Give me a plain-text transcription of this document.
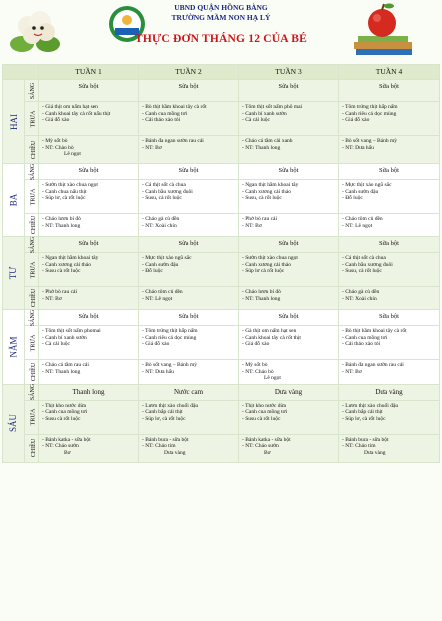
UBND QUẬN HỒNG BÀNG
TRƯỜNG MẦM NON HẠ LÝ
THỰC ĐƠN THÁNG 12 CỦA BÉ
		TUẦN 1	TUẦN 2	TUẦN 3	TUẦN 4
HAI	SÁNG	Sữa bột	Sữa bột	Sữa bột	Sữa bột
	TRƯA	- Giá thịt om nấm hạt sen
- Canh khoai tây cà rốt nấu thịt
- Giá đỗ xào	- Bò thịt hầm khoai tây cà rốt
- Canh cua mồng tơi
- Cải thảo xào tỏi	- Tôm thịt sốt nấm phô mai
- Canh bí xanh sườn
- Cà cải luộc	- Tôm trứng thịt hấp nấm
- Canh riêu cá dọc mùng
- Giá đỗ xào

	CHIỀU	- Mỳ sốt bò
- NT: Chào bò
Lê ngọt	- Bánh đa ngan sườn rau cải
- NT: Bơ	- Cháo cá tầm cải xanh
- NT: Thanh long	- Bò sốt vang – Bánh mỳ
- NT: Dưa hấu

BA	SÁNG	Sữa bột	Sữa bột	Sữa bột	Sữa bột
	TRƯA	- Sườn thịt xào chua ngọt
- Canh chua nấu thịt
- Súp lơ, cà rốt luộc	- Cá thịt sốt cà chua
- Canh bầu xương đuôi
- Susu, cà rốt luộc	- Ngan thịt hầm khoai tây
- Canh xương cải thảo
- Susu, cà rốt luộc	- Mực thịt xào ngũ sắc
- Canh sườn đậu
- Đỗ luộc

	CHIỀU	- Cháo lươn bí đỏ
- NT: Thanh long	- Cháo gà củ dền
- NT: Xoài chín	- Phở bò rau cải
- NT: Bơ	- Cháo tôm củ dền
- NT: Lê ngọt

TƯ	SÁNG	Sữa bột	Sữa bột	Sữa bột	Sữa bột
	TRƯA	- Ngan thịt hầm khoai tây
- Canh xương cải thảo
- Susu cà rốt luộc	- Mực thịt xào ngũ sắc
- Canh sườn đậu
- Đỗ luộc	- Sườn thịt xào chua ngọt
- Canh xương cải thảo
- Súp lơ cà rốt luộc	- Cá thịt sốt cà chua
- Canh bầu xương đuôi
- Susu, cà rốt luộc

	CHIỀU	- Phở bò rau cải
- NT: Bơ	- Cháo tôm củ dền
- NT: Lê ngọt	- Cháo lươn bí đỏ
- NT: Thanh long	- Cháo gà củ dền
- NT: Xoài chín

NĂM	SÁNG	Sữa bột	Sữa bột	Sữa bột	Sữa bột
	TRƯA	- Tôm thịt sốt nấm phomai
- Canh bí xanh sườn
- Cà cải luộc	- Tôm trứng thịt hấp nấm
- Canh riêu cá dọc mùng
- Giá đỗ xào	- Gà thịt om nấm hạt sen
- Canh khoai tây cà rốt thịt
- Giá đỗ xào	- Bò thịt hầm khoai tây cà rốt
- Canh cua mồng tơi
- Cải thảo xào tỏi

	CHIỀU	- Cháo cá tầm rau cải
- NT: Thanh long	- Bò sốt vang – Bánh mỳ
- NT: Dưa hấu	- Mỳ sốt bò
- NT: Cháo bò
Lê ngọt	- Bánh đa ngan sườn rau cải
- NT: Bơ

SÁU	SÁNG	Thanh long	Nước cam	Dưa vàng	Dưa vàng
	TRƯA	- Thịt kho nước dừa
- Canh cua mồng tơi
- Susu cà rốt luộc	- Lươn thịt xào chuối đậu
- Canh bắp cải thịt
- Súp lơ, cà rốt luộc	- Thịt kho nước dừa
- Canh cua mồng tơi
- Susu cà rốt luộc	- Lươn thịt xào chuối đậu
- Canh bắp cải thịt
- Súp lơ, cà rốt luộc

	CHIỀU	- Bánh katka - sữa bột
- NT: Cháo sườn
Bơ	- Bánh bura - sữa bột
- NT: Cháo tim
Dưa vàng	- Bánh katka - sữa bột
- NT: Cháo sườn
Bơ	- Bánh bura - sữa bột
- NT: Cháo tim
Dưa vàng
